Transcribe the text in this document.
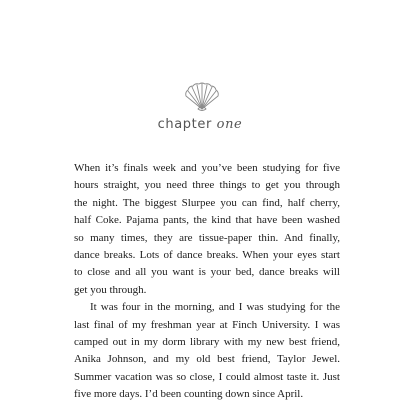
chapter one
When it’s finals week and you’ve been studying for five
hours straight, you need three things to get you through
the night. The biggest Slurpee you can find, half cherry,
half Coke. Pajama pants, the kind that have been washed
so many times, they are tissue-paper thin. And finally,
dance breaks. Lots of dance breaks. When your eyes start
to close and all you want is your bed, dance breaks will
get you through.
It was four in the morning, and I was studying for the
last final of my freshman year at Finch University. I was
camped out in my dorm library with my new best friend,
Anika Johnson, and my old best friend, Taylor Jewel.
Summer vacation was so close, I could almost taste it. Just
five more days. I’d been counting down since April.
